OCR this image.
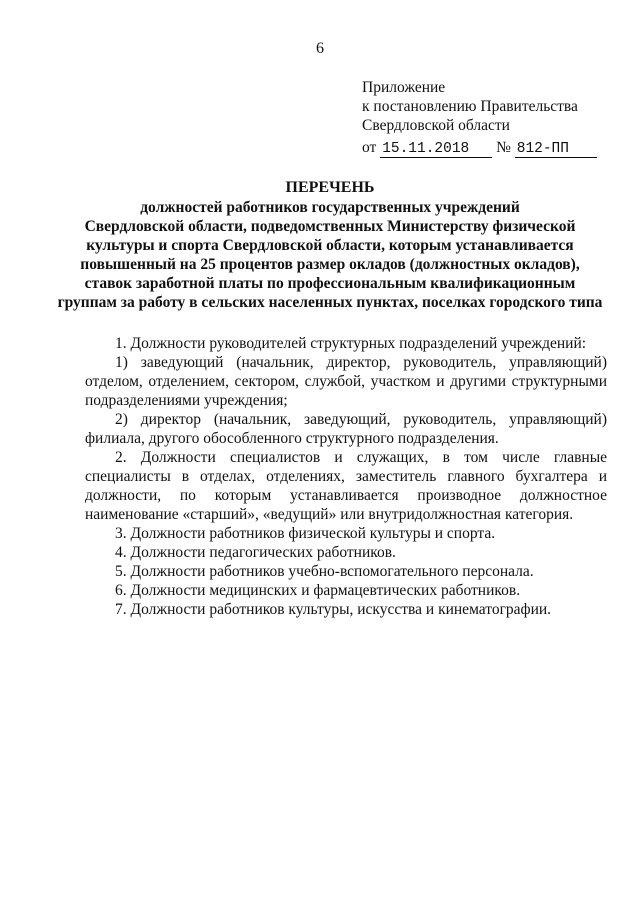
6
Приложение
к постановлению Правительства
Свердловской области
от 15.11.2018 № 812-ПП
ПЕРЕЧЕНЬ
должностей работников государственных учреждений
Свердловской области, подведомственных Министерству физической
культуры и спорта Свердловской области, которым устанавливается
повышенный на 25 процентов размер окладов (должностных окладов),
ставок заработной платы по профессиональным квалификационным
группам за работу в сельских населенных пунктах, поселках городского типа
1. Должности руководителей структурных подразделений учреждений:
1) заведующий (начальник, директор, руководитель, управляющий) отделом, отделением, сектором, службой, участком и другими структурными подразделениями учреждения;
2) директор (начальник, заведующий, руководитель, управляющий) филиала, другого обособленного структурного подразделения.
2. Должности специалистов и служащих, в том числе главные специалисты в отделах, отделениях, заместитель главного бухгалтера и должности, по которым устанавливается производное должностное наименование «старший», «ведущий» или внутридолжностная категория.
3. Должности работников физической культуры и спорта.
4. Должности педагогических работников.
5. Должности работников учебно-вспомогательного персонала.
6. Должности медицинских и фармацевтических работников.
7. Должности работников культуры, искусства и кинематографии.
